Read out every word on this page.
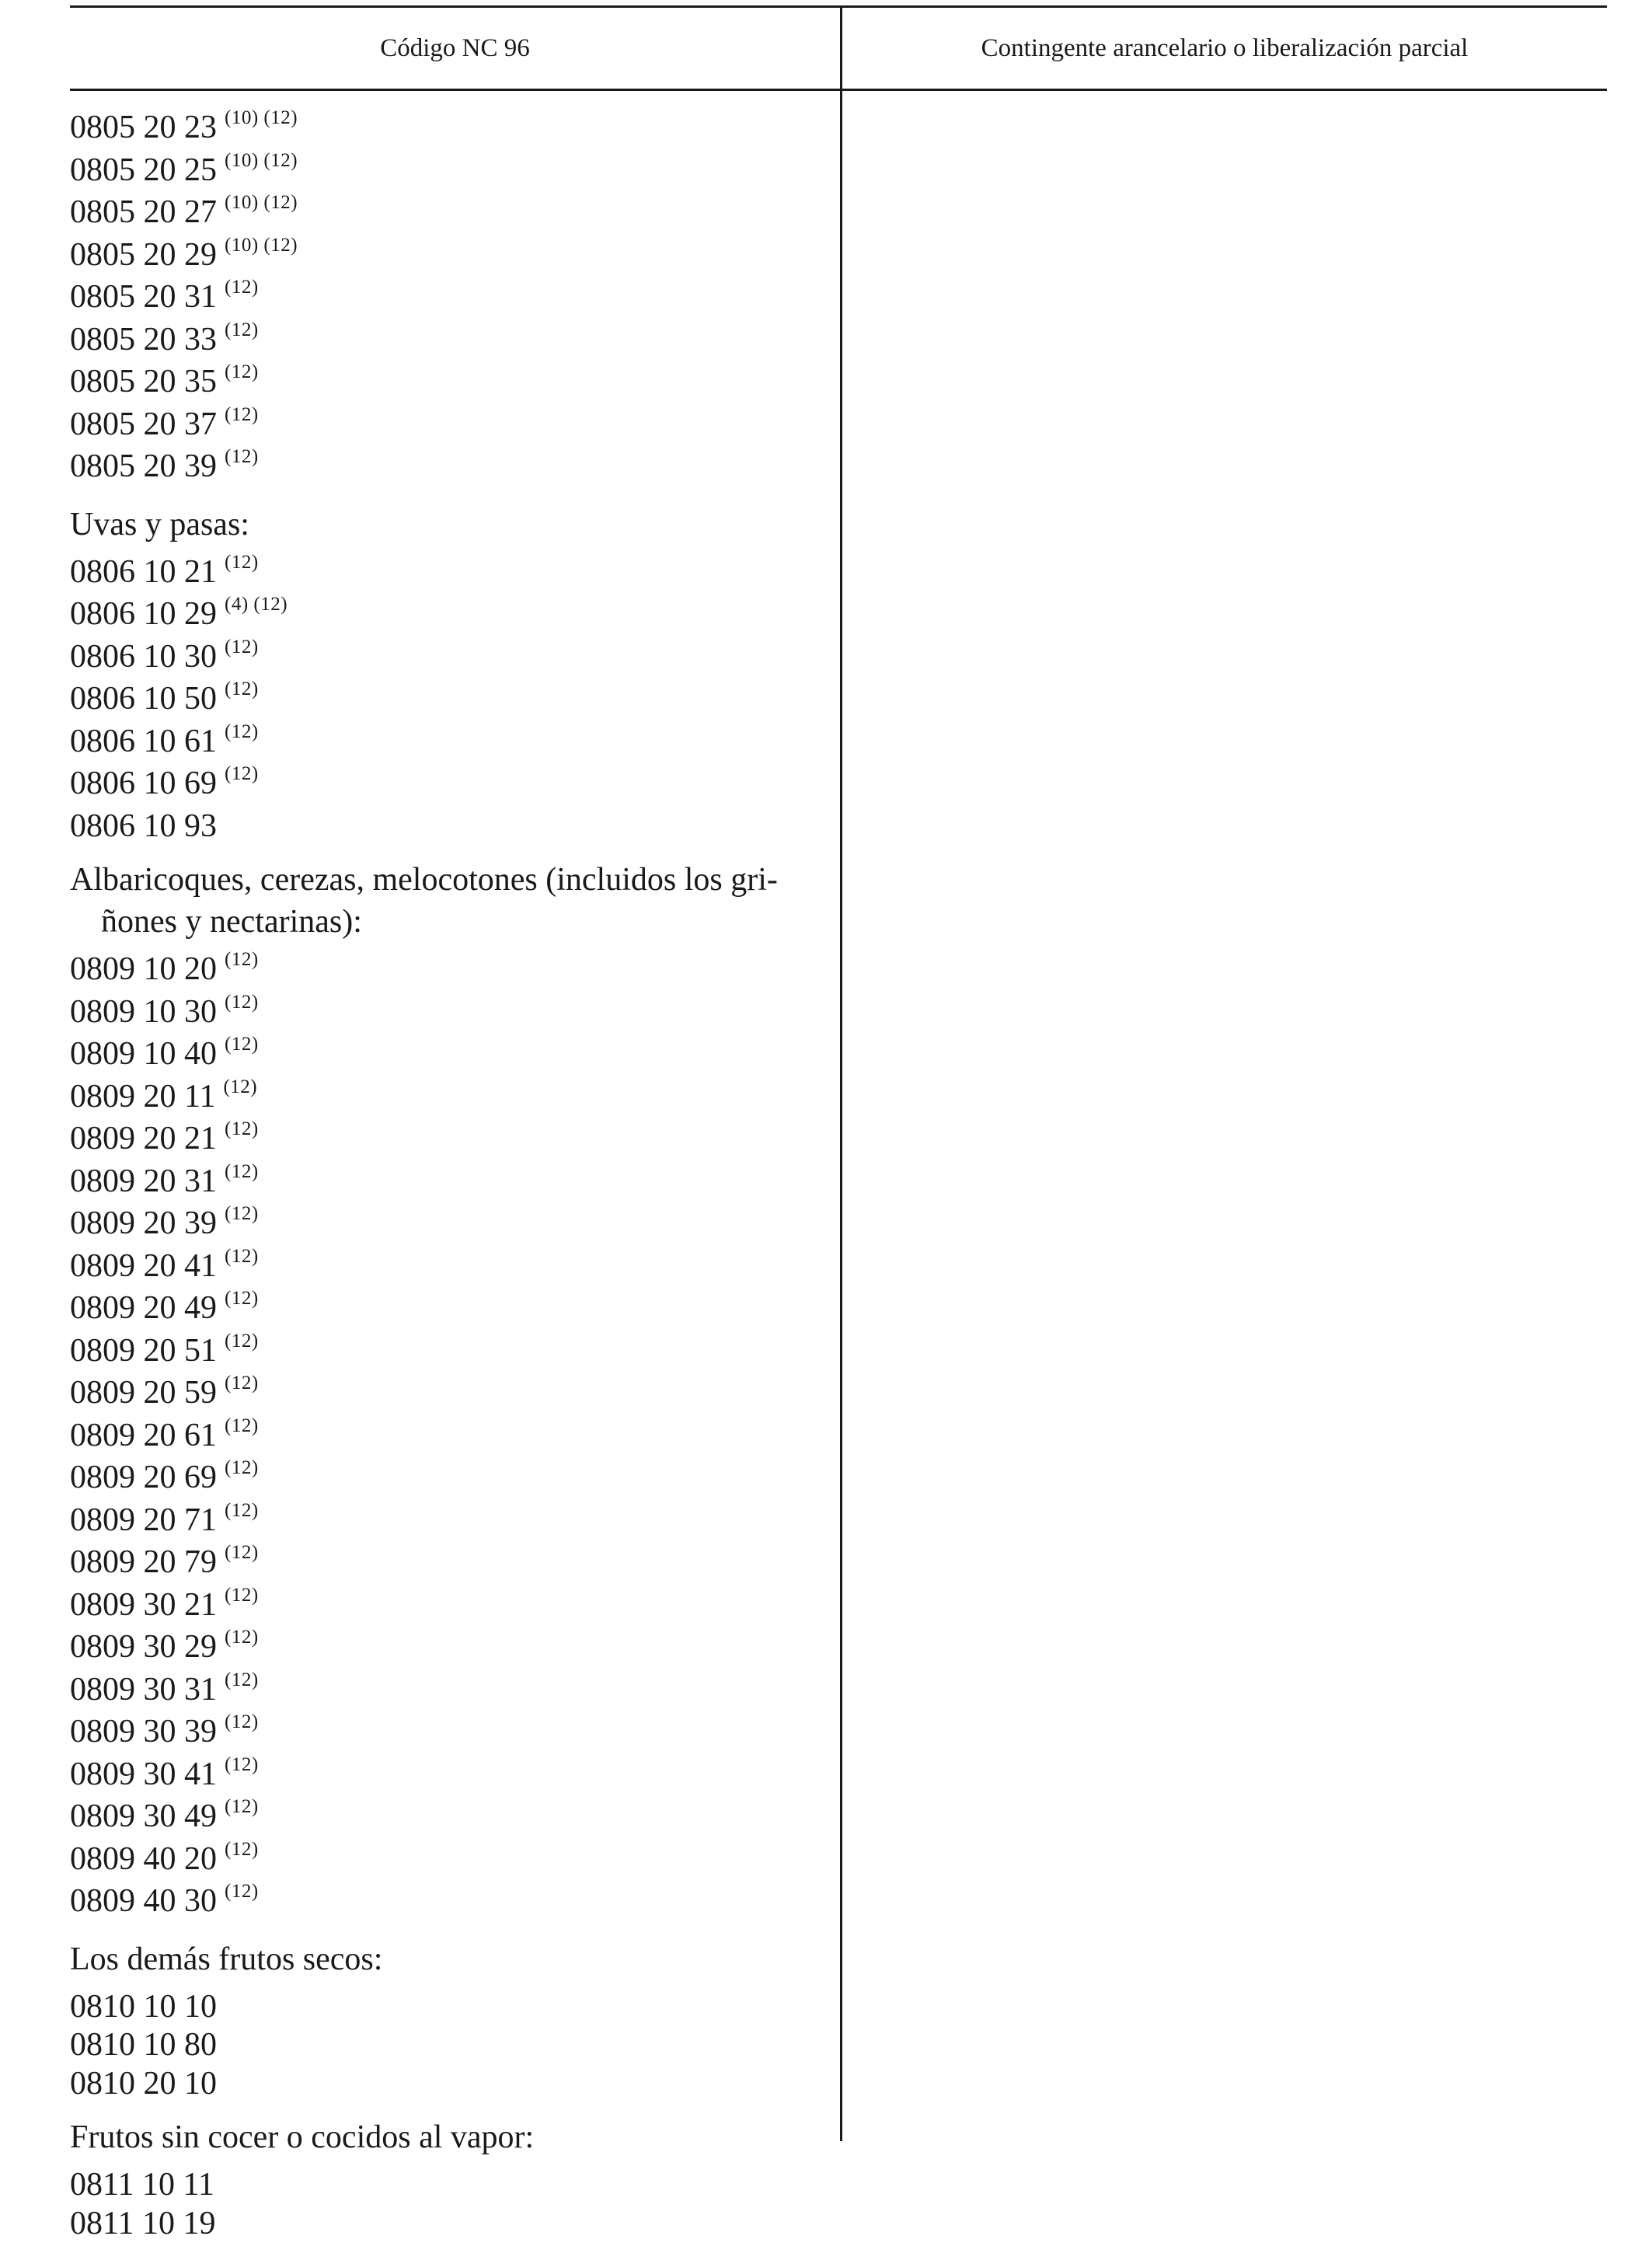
Código NC 96	Contingente arancelario o liberalización parcial
0805 20 23 $^{(10) (12)}$
0805 20 25 $^{(10) (12)}$
0805 20 27 $^{(10) (12)}$
0805 20 29 $^{(10) (12)}$
0805 20 31 $^{(12)}$
0805 20 33 $^{(12)}$
0805 20 35 $^{(12)}$
0805 20 37 $^{(12)}$
0805 20 39 $^{(12)}$
Uvas y pasas:
0806 10 21 $^{(12)}$
0806 10 29 $^{(4) (12)}$
0806 10 30 $^{(12)}$
0806 10 50 $^{(12)}$
0806 10 61 $^{(12)}$
0806 10 69 $^{(12)}$
0806 10 93
Albaricoques, cerezas, melocotones (incluidos los gri-ñones y nectarinas):
0809 10 20 $^{(12)}$
0809 10 30 $^{(12)}$
0809 10 40 $^{(12)}$
0809 20 11 $^{(12)}$
0809 20 21 $^{(12)}$
0809 20 31 $^{(12)}$
0809 20 39 $^{(12)}$
0809 20 41 $^{(12)}$
0809 20 49 $^{(12)}$
0809 20 51 $^{(12)}$
0809 20 59 $^{(12)}$
0809 20 61 $^{(12)}$
0809 20 69 $^{(12)}$
0809 20 71 $^{(12)}$
0809 20 79 $^{(12)}$
0809 30 21 $^{(12)}$
0809 30 29 $^{(12)}$
0809 30 31 $^{(12)}$
0809 30 39 $^{(12)}$
0809 30 41 $^{(12)}$
0809 30 49 $^{(12)}$
0809 40 20 $^{(12)}$
0809 40 30 $^{(12)}$
Los demás frutos secos:
0810 10 10
0810 10 80
0810 20 10
Frutos sin cocer o cocidos al vapor:
0811 10 11
0811 10 19
